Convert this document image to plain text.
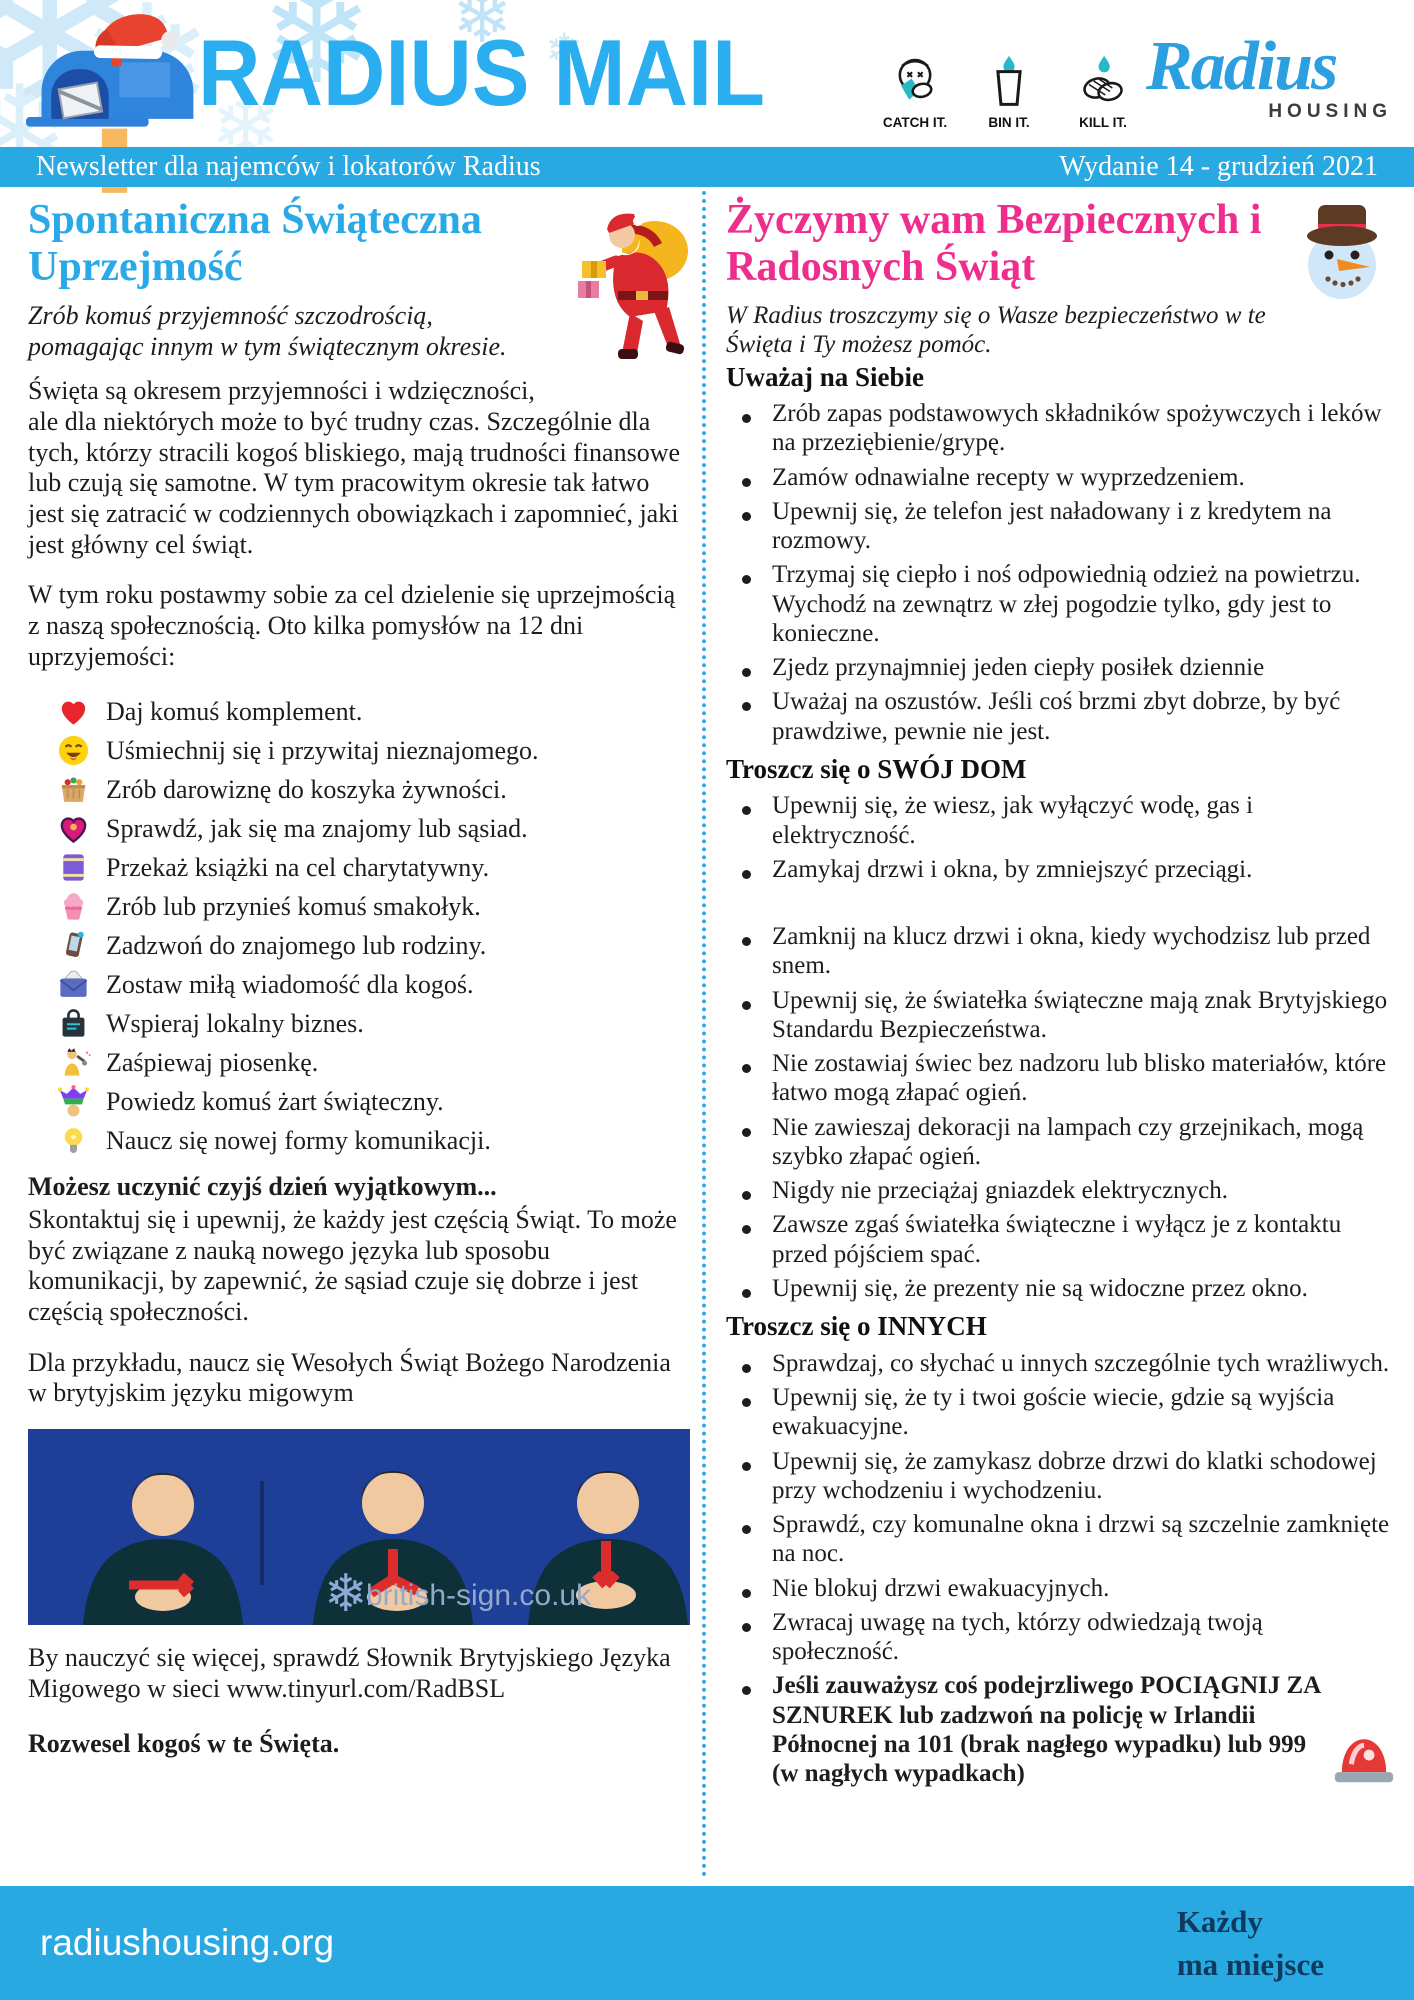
❄
❄
❄
❄
❄
❄
❄
RADIUS MAIL	CATCH IT.	BIN IT.	KILL IT.
Radius
HOUSING
Newsletter dla najemców i lokatorów Radius	Wydanie 14 - grudzień 2021
Spontaniczna Świąteczna Uprzejmość

Zrób komuś przyjemność szczodrością, pomagając innym w tym świątecznym okresie.

Święta są okresem przyjemności i wdzięczności, ale dla niektórych może to być trudny czas. Szczególnie dla tych, którzy stracili kogoś bliskiego, mają trudności finansowe lub czują się samotne. W tym pracowitym okresie tak łatwo jest się zatracić w codziennych obowiązkach i zapomnieć, jaki jest główny cel świąt.

W tym roku postawmy sobie za cel dzielenie się uprzejmością z naszą społecznością. Oto kilka pomysłów na 12 dni uprzyjemości:

Daj komuś komplement.
Uśmiechnij się i przywitaj nieznajomego.
Zrób darowiznę do koszyka żywności.
Sprawdź, jak się ma znajomy lub sąsiad.
Przekaż książki na cel charytatywny.
Zrób lub przynieś komuś smakołyk.
Zadzwoń do znajomego lub rodziny.
Zostaw miłą wiadomość dla kogoś.
Wspieraj lokalny biznes.
Zaśpiewaj piosenkę.
Powiedz komuś żart świąteczny.
Naucz się nowej formy komunikacji.

Możesz uczynić czyjś dzień wyjątkowym...

Skontaktuj się i upewnij, że każdy jest częścią Świąt. To może być związane z nauką nowego języka lub sposobu komunikacji, by zapewnić, że sąsiad czuje się dobrze i jest częścią społeczności.

Dla przykładu, naucz się Wesołych Świąt Bożego Narodzenia w brytyjskim języku migowym

❄
british-sign.co.uk

By nauczyć się więcej, sprawdź Słownik Brytyjskiego Języka Migowego w sieci www.tinyurl.com/RadBSL

Rozwesel kogoś w te Święta.

Życzymy wam Bezpiecznych i Radosnych Świąt

W Radius troszczymy się o Wasze bezpieczeństwo w te Święta i Ty możesz pomóc.

Uważaj na Siebie
Zrób zapas podstawowych składników spożywczych i leków na przeziębienie/grypę.
Zamów odnawialne recepty w wyprzedzeniem.
Upewnij się, że telefon jest naładowany i z kredytem na rozmowy.
Trzymaj się ciepło i noś odpowiednią odzież na powietrzu. Wychodź na zewnątrz w złej pogodzie tylko, gdy jest to konieczne.
Zjedz przynajmniej jeden ciepły posiłek dziennie
Uważaj na oszustów. Jeśli coś brzmi zbyt dobrze, by być prawdziwe, pewnie nie jest.
Troszcz się o SWÓJ DOM
Upewnij się, że wiesz, jak wyłączyć wodę, gas i elektryczność.
Zamykaj drzwi i okna, by zmniejszyć przeciągi.
Zamknij na klucz drzwi i okna, kiedy wychodzisz lub przed snem.
Upewnij się, że światełka świąteczne mają znak Brytyjskiego Standardu Bezpieczeństwa.
Nie zostawiaj świec bez nadzoru lub blisko materiałów, które łatwo mogą złapać ogień.
Nie zawieszaj dekoracji na lampach czy grzejnikach, mogą szybko złapać ogień.
Nigdy nie przeciążaj gniazdek elektrycznych.
Zawsze zgaś światełka świąteczne i wyłącz je z kontaktu przed pójściem spać.
Upewnij się, że prezenty nie są widoczne przez okno.
Troszcz się o INNYCH
Sprawdzaj, co słychać u innych szczególnie tych wrażliwych.
Upewnij się, że ty i twoi goście wiecie, gdzie są wyjścia ewakuacyjne.
Upewnij się, że zamykasz dobrze drzwi do klatki schodowej przy wchodzeniu i wychodzeniu.
Sprawdź, czy komunalne okna i drzwi są szczelnie zamknięte na noc.
Nie blokuj drzwi ewakuacyjnych.
Zwracaj uwagę na tych, którzy odwiedzają twoją społeczność.
Jeśli zauważysz coś podejrzliwego POCIĄGNIJ ZA SZNUREK lub zadzwoń na policję w Irlandii Północnej na 101 (brak nagłego wypadku) lub 999 (w nagłych wypadkach)
radiushousing.org
Każdy
ma miejsce
